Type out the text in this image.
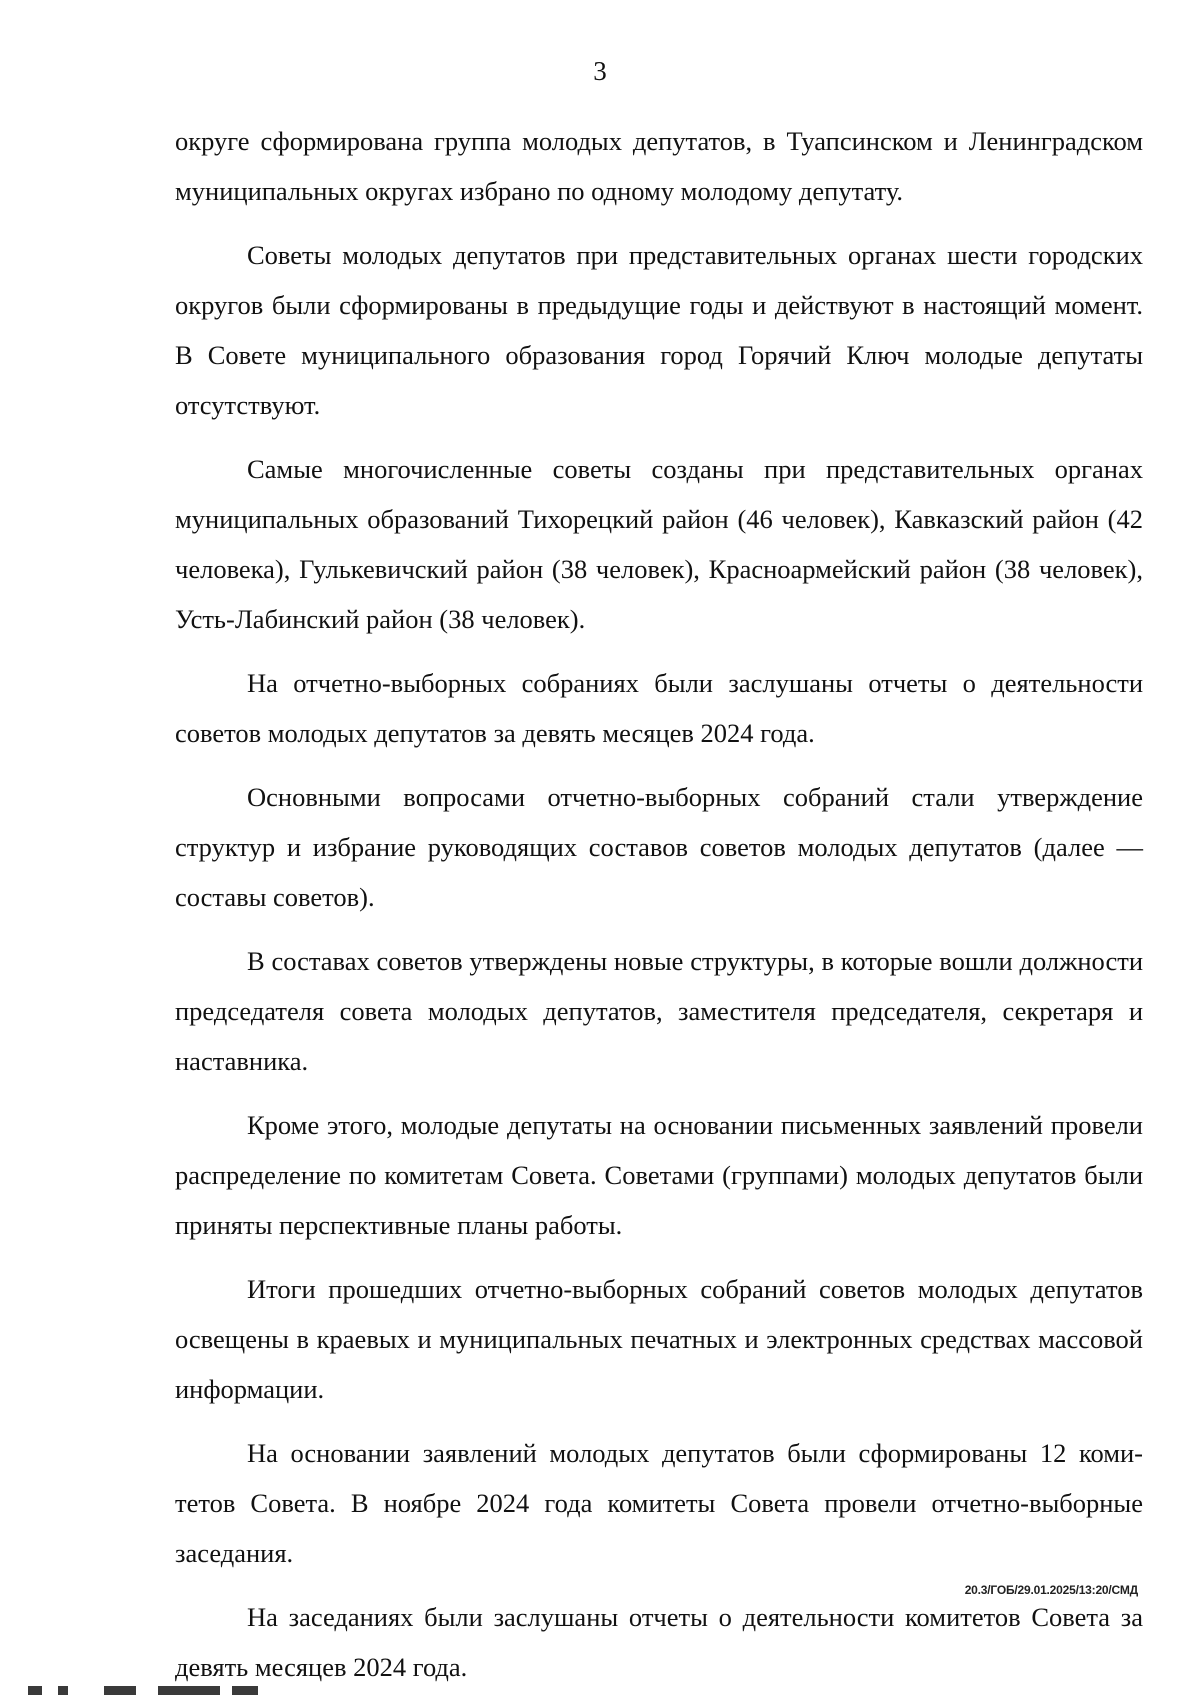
3

округе сформирована группа молодых депутатов, в Туапсинском и Ленинградском муниципальных округах избрано по одному молодому депутату.

Советы молодых депутатов при представительных органах шести городских округов были сформированы в предыдущие годы и действуют в настоящий момент. В Совете муниципального образования город Горячий Ключ молодые депутаты отсутствуют.

Самые многочисленные советы созданы при представительных органах муниципальных образований Тихорецкий район (46 человек), Кавказский район (42 человека), Гулькевичский район (38 человек), Красноармейский район (38 человек), Усть-Лабинский район (38 человек).

На отчетно-выборных собраниях были заслушаны отчеты о деятельности советов молодых депутатов за девять месяцев 2024 года.

Основными вопросами отчетно-выборных собраний стали утверждение структур и избрание руководящих составов советов молодых депутатов (далее — составы советов).

В составах советов утверждены новые структуры, в которые вошли должности председателя совета молодых депутатов, заместителя председателя, секретаря и наставника.

Кроме этого, молодые депутаты на основании письменных заявлений провели распределение по комитетам Совета. Советами (группами) молодых депутатов были приняты перспективные планы работы.

Итоги прошедших отчетно-выборных собраний советов молодых депутатов освещены в краевых и муниципальных печатных и электронных средствах массовой информации.

На основании заявлений молодых депутатов были сформированы 12 комитетов Совета. В ноябре 2024 года комитеты Совета провели отчетно-выборные заседания.

На заседаниях были заслушаны отчеты о деятельности комитетов Совета за девять месяцев 2024 года.

20.3/ГОБ/29.01.2025/13:20/СМД
